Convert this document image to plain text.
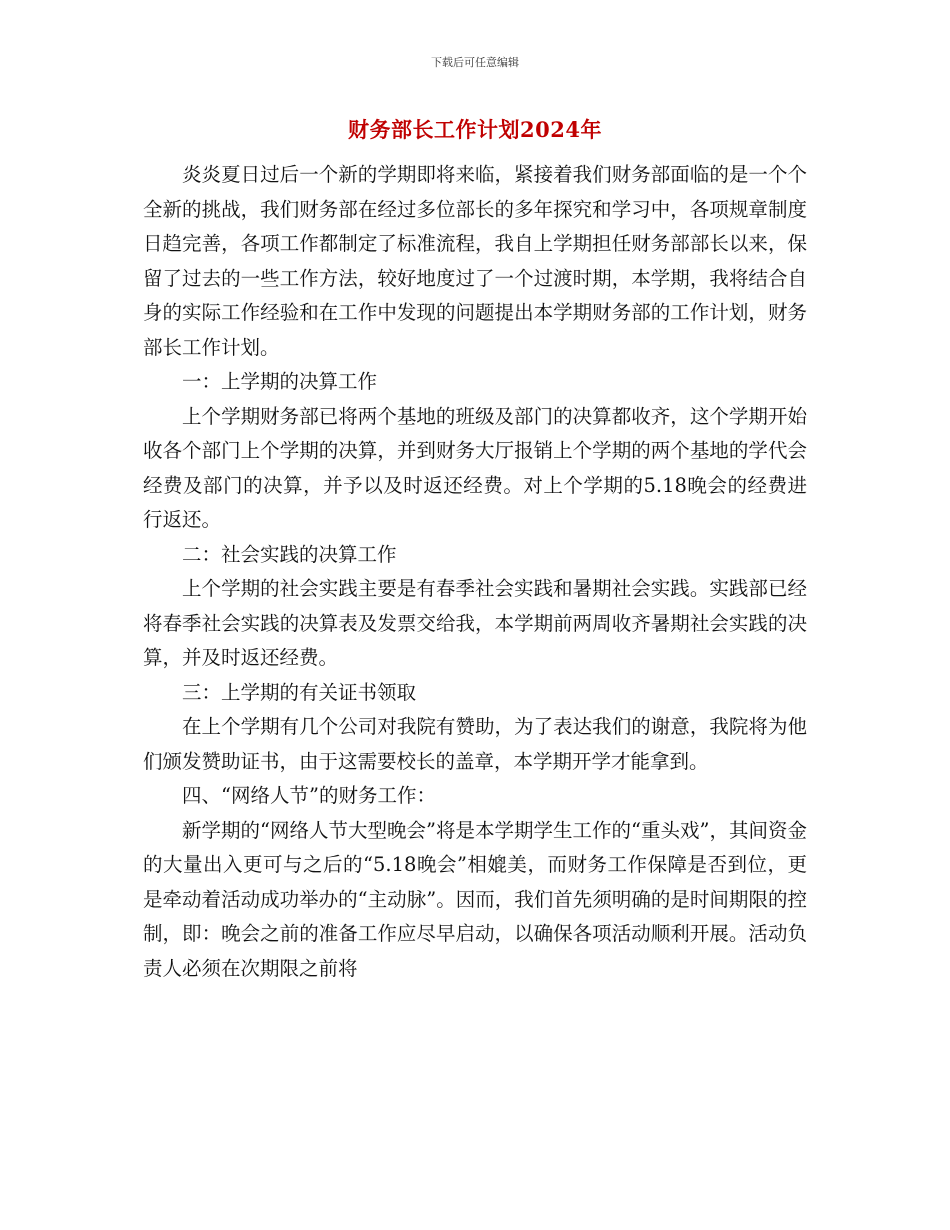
下载后可任意编辑
财务部长工作计划2024年

炎炎夏日过后一个新的学期即将来临，紧接着我们财务部面临的是一个个全新的挑战，我们财务部在经过多位部长的多年探究和学习中，各项规章制度日趋完善，各项工作都制定了标准流程，我自上学期担任财务部部长以来，保留了过去的一些工作方法，较好地度过了一个过渡时期，本学期，我将结合自身的实际工作经验和在工作中发现的问题提出本学期财务部的工作计划，财务部长工作计划。

一：上学期的决算工作

上个学期财务部已将两个基地的班级及部门的决算都收齐，这个学期开始收各个部门上个学期的决算，并到财务大厅报销上个学期的两个基地的学代会经费及部门的决算，并予以及时返还经费。对上个学期的5.18晚会的经费进行返还。

二：社会实践的决算工作

上个学期的社会实践主要是有春季社会实践和暑期社会实践。实践部已经将春季社会实践的决算表及发票交给我，本学期前两周收齐暑期社会实践的决算，并及时返还经费。

三：上学期的有关证书领取

在上个学期有几个公司对我院有赞助，为了表达我们的谢意，我院将为他们颁发赞助证书，由于这需要校长的盖章，本学期开学才能拿到。

四、“网络人节”的财务工作：

新学期的“网络人节大型晚会”将是本学期学生工作的“重头戏”，其间资金的大量出入更可与之后的“5.18晚会”相媲美，而财务工作保障是否到位，更是牵动着活动成功举办的“主动脉”。因而，我们首先须明确的是时间期限的控制，即：晚会之前的准备工作应尽早启动，以确保各项活动顺利开展。活动负责人必须在次期限之前将
